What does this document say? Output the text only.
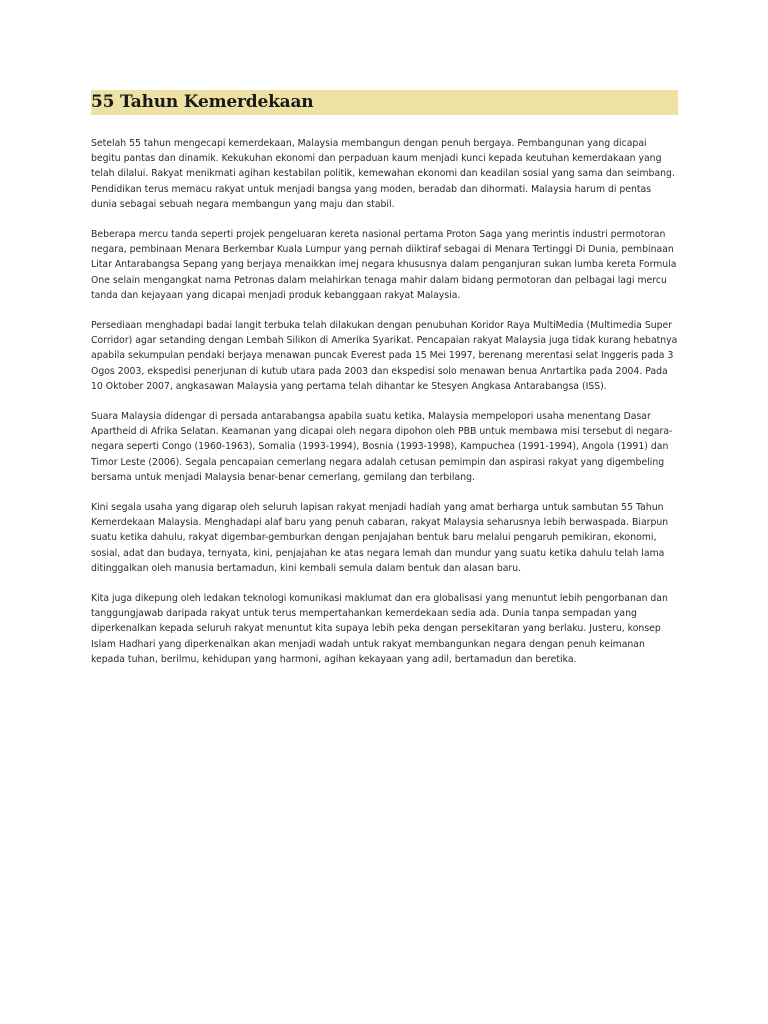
55 Tahun Kemerdekaan

Setelah 55 tahun mengecapi kemerdekaan, Malaysia membangun dengan penuh bergaya. Pembangunan yang dicapai begitu pantas dan dinamik. Kekukuhan ekonomi dan perpaduan kaum menjadi kunci kepada keutuhan kemerdakaan yang telah dilalui. Rakyat menikmati agihan kestabilan politik, kemewahan ekonomi dan keadilan sosial yang sama dan seimbang. Pendidikan terus memacu rakyat untuk menjadi bangsa yang moden, beradab dan dihormati. Malaysia harum di pentas dunia sebagai sebuah negara membangun yang maju dan stabil.

Beberapa mercu tanda seperti projek pengeluaran kereta nasional pertama Proton Saga yang merintis industri permotoran negara, pembinaan Menara Berkembar Kuala Lumpur yang pernah diiktiraf sebagai di Menara Tertinggi Di Dunia, pembinaan Litar Antarabangsa Sepang yang berjaya menaikkan imej negara khususnya dalam penganjuran sukan lumba kereta Formula One selain mengangkat nama Petronas dalam melahirkan tenaga mahir dalam bidang permotoran dan pelbagai lagi mercu tanda dan kejayaan yang dicapai menjadi produk kebanggaan rakyat Malaysia.

Persediaan menghadapi badai langit terbuka telah dilakukan dengan penubuhan Koridor Raya MultiMedia (Multimedia Super Corridor) agar setanding dengan Lembah Silikon di Amerika Syarikat. Pencapaian rakyat Malaysia juga tidak kurang hebatnya apabila sekumpulan pendaki berjaya menawan puncak Everest pada 15 Mei 1997, berenang merentasi selat Inggeris pada 3 Ogos 2003, ekspedisi penerjunan di kutub utara pada 2003 dan ekspedisi solo menawan benua Anrtartika pada 2004. Pada 10 Oktober 2007, angkasawan Malaysia yang pertama telah dihantar ke Stesyen Angkasa Antarabangsa (ISS).

Suara Malaysia didengar di persada antarabangsa apabila suatu ketika, Malaysia mempelopori usaha menentang Dasar Apartheid di Afrika Selatan. Keamanan yang dicapai oleh negara dipohon oleh PBB untuk membawa misi tersebut di negara-negara seperti Congo (1960-1963), Somalia (1993-1994), Bosnia (1993-1998), Kampuchea (1991-1994), Angola (1991) dan Timor Leste (2006). Segala pencapaian cemerlang negara adalah cetusan pemimpin dan aspirasi rakyat yang digembeling bersama untuk menjadi Malaysia benar-benar cemerlang, gemilang dan terbilang.

Kini segala usaha yang digarap oleh seluruh lapisan rakyat menjadi hadiah yang amat berharga untuk sambutan 55 Tahun Kemerdekaan Malaysia. Menghadapi alaf baru yang penuh cabaran, rakyat Malaysia seharusnya lebih berwaspada. Biarpun suatu ketika dahulu, rakyat digembar-gemburkan dengan penjajahan bentuk baru melalui pengaruh pemikiran, ekonomi, sosial, adat dan budaya, ternyata, kini, penjajahan ke atas negara lemah dan mundur yang suatu ketika dahulu telah lama ditinggalkan oleh manusia bertamadun, kini kembali semula dalam bentuk dan alasan baru.

Kita juga dikepung oleh ledakan teknologi komunikasi maklumat dan era globalisasi yang menuntut lebih pengorbanan dan tanggungjawab daripada rakyat untuk terus mempertahankan kemerdekaan sedia ada. Dunia tanpa sempadan yang diperkenalkan kepada seluruh rakyat menuntut kita supaya lebih peka dengan persekitaran yang berlaku. Justeru, konsep Islam Hadhari yang diperkenalkan akan menjadi wadah untuk rakyat membangunkan negara dengan penuh keimanan kepada tuhan, berilmu, kehidupan yang harmoni, agihan kekayaan yang adil, bertamadun dan beretika.
